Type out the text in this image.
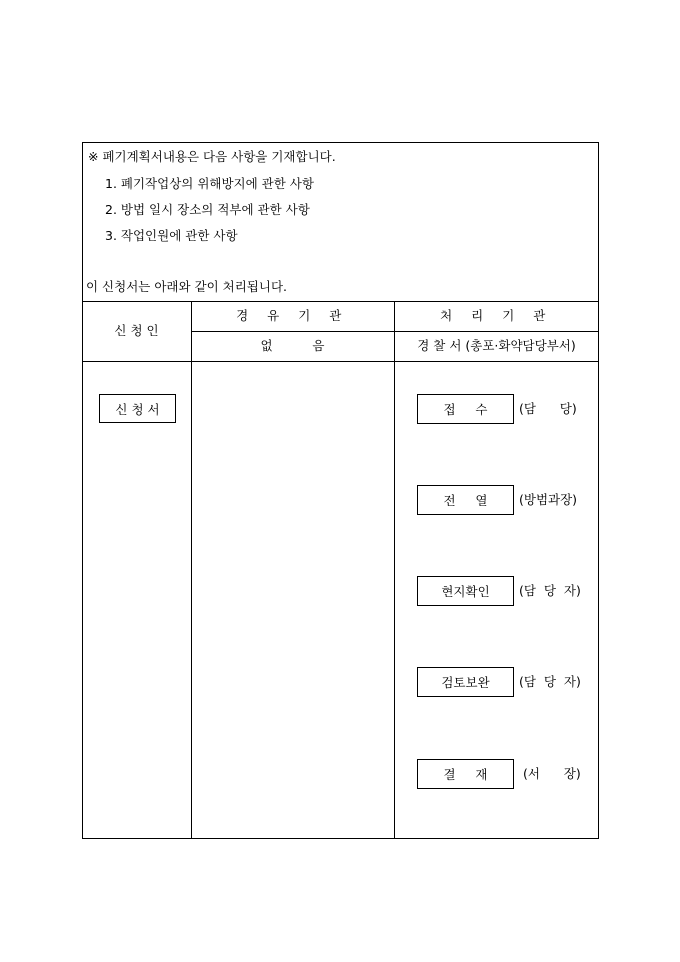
※ 폐기계획서내용은 다음 사항을 기재합니다.
1. 폐기작업상의 위해방지에 관한 사항
2. 방법 일시 장소의 적부에 관한 사항
3. 작업인원에 관한 사항
이 신청서는 아래와 같이 처리됩니다.
신 청 인
경 유 기 관
없          음
처 리 기 관
경 찰 서 (총포·화약담당부서)
신 청 서	접     수	(담      당)
전     열	(방범과장)
현지확인	(담  당  자)
검토보완	(담  당  자)
결     재	(서      장)
